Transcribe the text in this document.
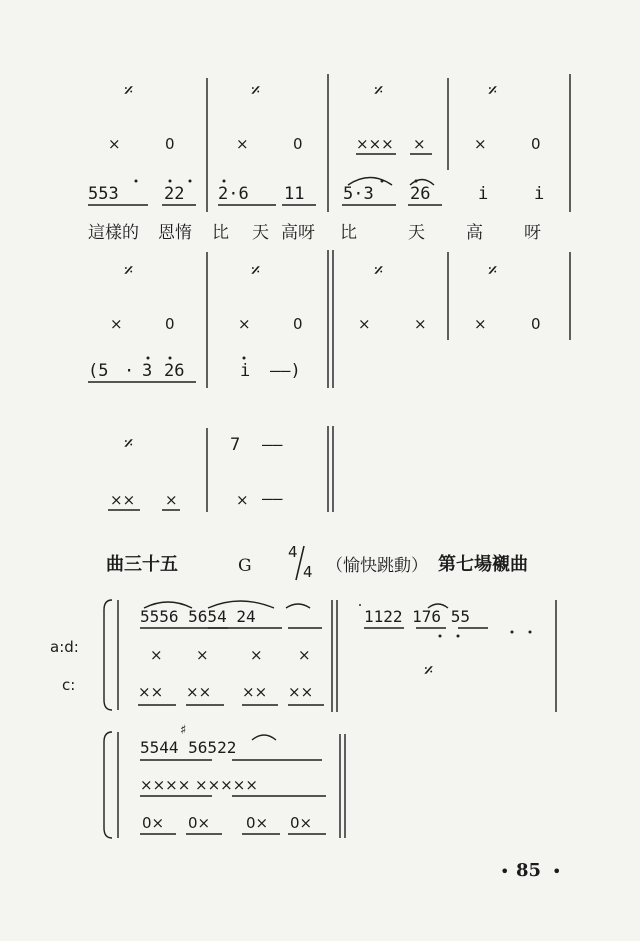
𝄎	𝄎	𝄎	𝄎
×	0	×	0	××× ×	×	0
553	22 2·6 11 5·3 26	i	i
這樣的 恩惰 比 天 高呀 比	天 高 呀
𝄎	𝄎	𝄎	𝄎
×	0	×	0	×	×	×	0
(5 · 3 26	i ——)
𝄎	7 ——
×× ×	× ——
曲三十五	G
4
4 （愉快跳動） 第七場襯曲
a:d:
c:
5556 5654 24
× ×	× ×
×× ×× ×× ××
1122 176 55
𝄎
♯
5544 56522
×××× ×××××
0× 0× 0× 0×
85
•	•
